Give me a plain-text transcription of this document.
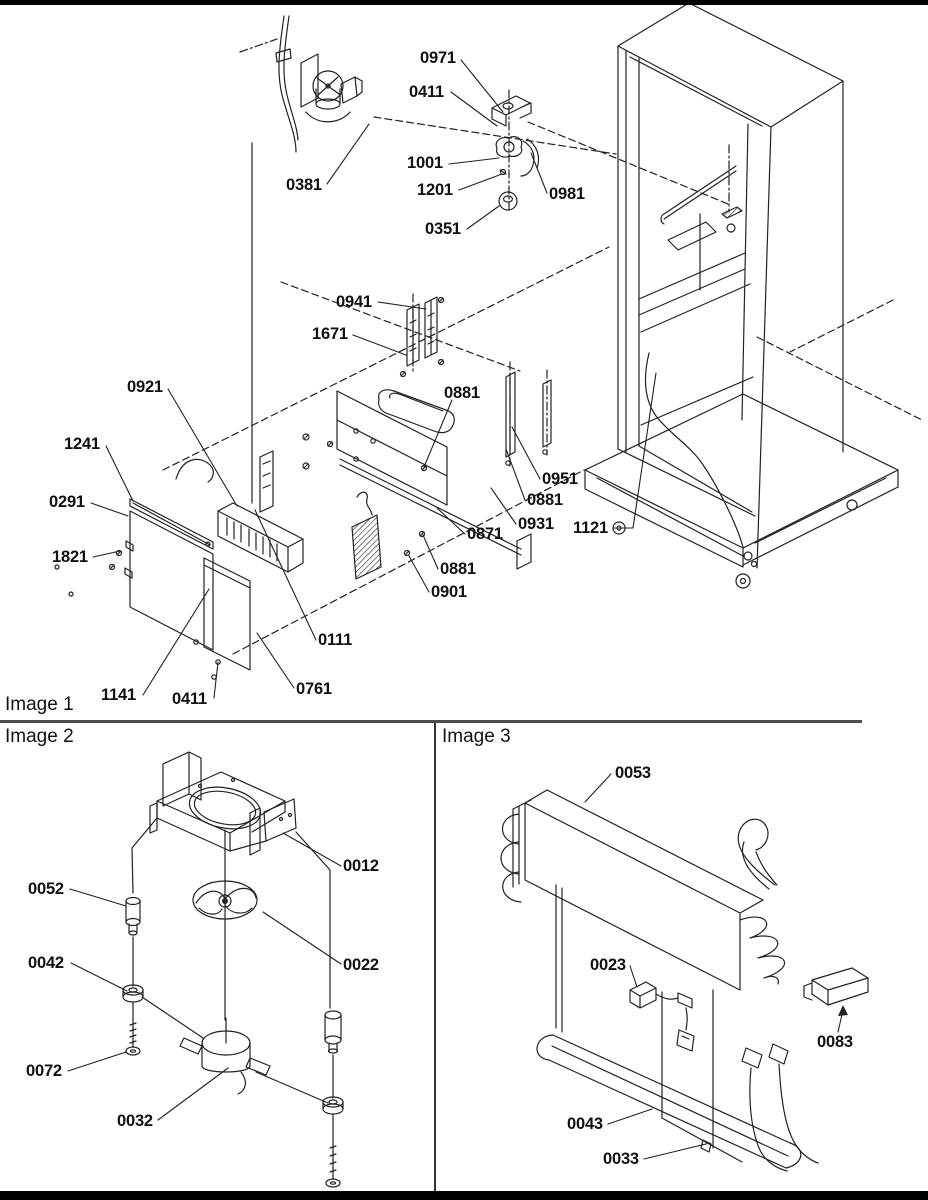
Image 1
Image 2	Image 3
0971
0411
1001
1201	0981
0351
0381
0941
1671
0921	0881
0951
0881
0931
0871	1121
0881
0901
1241
0291
1821
0111
1141 0411
0761
0012
0052
0042	0022
0072
0032
0053
0023
0083
0043
0033
